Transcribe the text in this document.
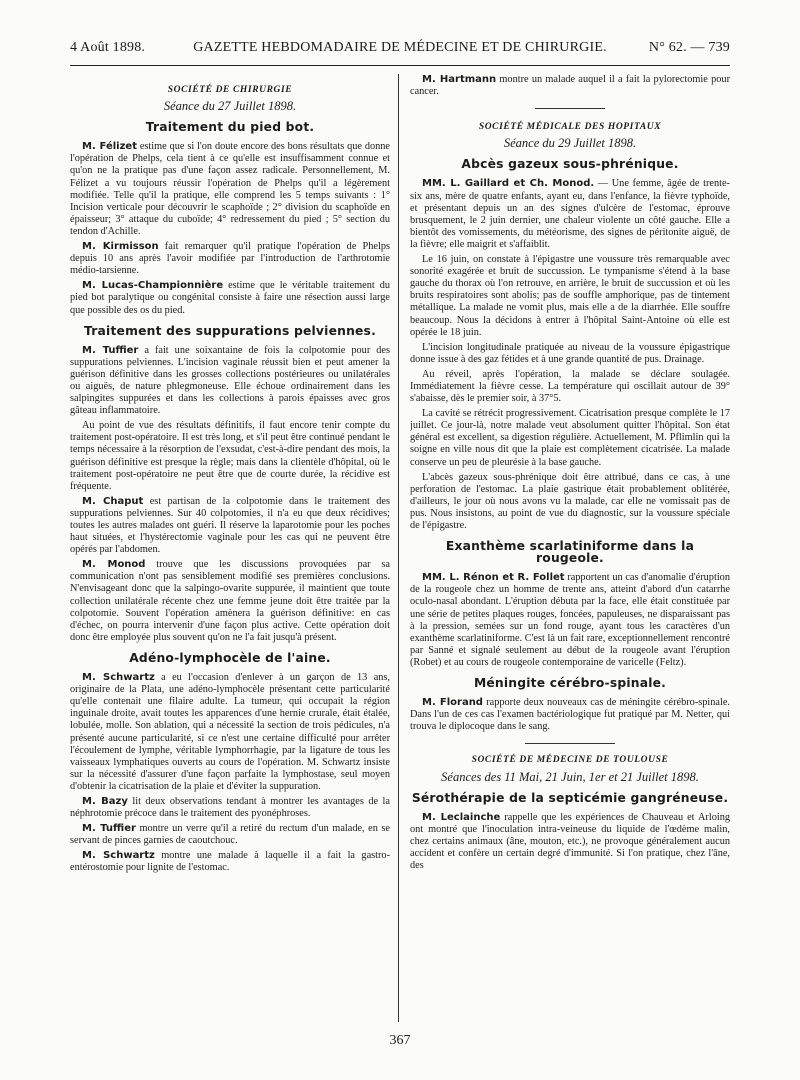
4 Août 1898.	GAZETTE HEBDOMADAIRE DE MÉDECINE ET DE CHIRURGIE.	N° 62. — 739
SOCIÉTÉ DE CHIRURGIE
Séance du 27 Juillet 1898.
Traitement du pied bot.

M. Félizet estime que si l'on doute encore des bons résultats que donne l'opération de Phelps, cela tient à ce qu'elle est insuffisamment connue et qu'on ne la pratique pas d'une façon assez radicale. Personnellement, M. Félizet a vu toujours réussir l'opération de Phelps qu'il a légèrement modifiée. Telle qu'il la pratique, elle comprend les 5 temps suivants : 1° Incision verticale pour découvrir le scaphoïde ; 2° division du scaphoïde en épaisseur; 3° attaque du cuboïde; 4° redressement du pied ; 5° section du tendon d'Achille.

M. Kirmisson fait remarquer qu'il pratique l'opération de Phelps depuis 10 ans après l'avoir modifiée par l'introduction de l'arthrotomie médio-tarsienne.

M. Lucas-Championnière estime que le véritable traitement du pied bot paralytique ou congénital consiste à faire une résection aussi large que possible des os du pied.

Traitement des suppurations pelviennes.

M. Tuffier a fait une soixantaine de fois la colpotomie pour des suppurations pelviennes. L'incision vaginale réussit bien et peut amener la guérison définitive dans les grosses collections postérieures ou unilatérales ou aiguës, de nature phlegmoneuse. Elle échoue ordinairement dans les salpingites suppurées et dans les collections à parois épaisses avec gros gâteau inflammatoire.

Au point de vue des résultats définitifs, il faut encore tenir compte du traitement post-opératoire. Il est très long, et s'il peut être continué pendant le temps nécessaire à la résorption de l'exsudat, c'est-à-dire pendant des mois, la guérison définitive est presque la règle; mais dans la clientèle d'hôpital, où le traitement post-opératoire ne peut être que de courte durée, la récidive est fréquente.

M. Chaput est partisan de la colpotomie dans le traitement des suppurations pelviennes. Sur 40 colpotomies, il n'a eu que deux récidives; toutes les autres malades ont guéri. Il réserve la laparotomie pour les poches haut situées, et l'hystérectomie vaginale pour les cas qui ne peuvent être opérés par l'abdomen.

M. Monod trouve que les discussions provoquées par sa communication n'ont pas sensiblement modifié ses premières conclusions. N'envisageant donc que la salpingo-ovarite suppurée, il maintient que toute collection unilatérale récente chez une femme jeune doit être traitée par la colpotomie. Souvent l'opération amènera la guérison définitive: en cas d'échec, on pourra intervenir d'une façon plus active. Cette opération doit donc être employée plus souvent qu'on ne l'a fait jusqu'à présent.

Adéno-lymphocèle de l'aine.

M. Schwartz a eu l'occasion d'enlever à un garçon de 13 ans, originaire de la Plata, une adéno-lymphocèle présentant cette particularité qu'elle contenait une filaire adulte. La tumeur, qui occupait la région inguinale droite, avait toutes les apparences d'une hernie crurale, était étalée, lobulée, molle. Son ablation, qui a nécessité la section de trois pédicules, n'a présenté aucune particularité, si ce n'est une certaine difficulté pour arrêter l'écoulement de lymphe, véritable lymphorrhagie, par la ligature de tous les vaisseaux lymphatiques ouverts au cours de l'opération. M. Schwartz insiste sur la nécessité d'assurer d'une façon parfaite la lymphostase, seul moyen d'obtenir la cicatrisation de la plaie et d'éviter la suppuration.

M. Bazy lit deux observations tendant à montrer les avantages de la néphrotomie précoce dans le traitement des pyonéphroses.

M. Tuffier montre un verre qu'il a retiré du rectum d'un malade, en se servant de pinces garnies de caoutchouc.

M. Schwartz montre une malade à laquelle il a fait la gastro-entérostomie pour lignite de l'estomac.

M. Hartmann montre un malade auquel il a fait la pylorectomie pour cancer.

SOCIÉTÉ MÉDICALE DES HOPITAUX
Séance du 29 Juillet 1898.
Abcès gazeux sous-phrénique.

MM. L. Gaillard et Ch. Monod. — Une femme, âgée de trente-six ans, mère de quatre enfants, ayant eu, dans l'enfance, la fièvre typhoïde, et présentant depuis un an des signes d'ulcère de l'estomac, éprouve brusquement, le 2 juin dernier, une chaleur violente un côté gauche. Elle a bientôt des vomissements, du météorisme, des signes de péritonite aiguë, de la fièvre; elle maigrit et s'affaiblit.

Le 16 juin, on constate à l'épigastre une voussure très remarquable avec sonorité exagérée et bruit de succussion. Le tympanisme s'étend à la base gauche du thorax où l'on retrouve, en arrière, le bruit de succussion et où les bruits respiratoires sont abolis; pas de souffle amphorique, pas de tintement métallique. La malade ne vomit plus, mais elle a de la diarrhée. Elle souffre beaucoup. Nous la décidons à entrer à l'hôpital Saint-Antoine où elle est opérée le 18 juin.

L'incision longitudinale pratiquée au niveau de la voussure épigastrique donne issue à des gaz fétides et à une grande quantité de pus. Drainage.

Au réveil, après l'opération, la malade se déclare soulagée. Immédiatement la fièvre cesse. La température qui oscillait autour de 39° s'abaisse, dès le premier soir, à 37°5.

La cavité se rétrécit progressivement. Cicatrisation presque complète le 17 juillet. Ce jour-là, notre malade veut absolument quitter l'hôpital. Son état général est excellent, sa digestion régulière. Actuellement, M. Pflimlin qui la soigne en ville nous dit que la plaie est complètement cicatrisée. La malade conserve un peu de pleurésie à la base gauche.

L'abcès gazeux sous-phrénique doit être attribué, dans ce cas, à une perforation de l'estomac. La plaie gastrique était probablement oblitérée, d'ailleurs, le jour où nous avons vu la malade, car elle ne vomissait pas de pus. Nous insistons, au point de vue du diagnostic, sur la voussure spéciale de l'épigastre.

Exanthème scarlatiniforme dans la rougeole.

MM. L. Rénon et R. Follet rapportent un cas d'anomalie d'éruption de la rougeole chez un homme de trente ans, atteint d'abord d'un catarrhe oculo-nasal abondant. L'éruption débuta par la face, elle était constituée par une série de petites plaques rouges, foncées, papuleuses, ne disparaissant pas à la pression, semées sur un fond rouge, ayant tous les caractères d'un exanthème scarlatiniforme. C'est là un fait rare, exceptionnellement rencontré par Sanné et signalé seulement au début de la rougeole avant l'éruption (Robet) et au cours de rougeole contemporaine de varicelle (Feltz).

Méningite cérébro-spinale.

M. Florand rapporte deux nouveaux cas de méningite cérébro-spinale. Dans l'un de ces cas l'examen bactériologique fut pratiqué par M. Netter, qui trouva le diplocoque dans le sang.

SOCIÉTÉ DE MÉDECINE DE TOULOUSE
Séances des 11 Mai, 21 Juin, 1er et 21 Juillet 1898.
Sérothérapie de la septicémie gangréneuse.

M. Leclainche rappelle que les expériences de Chauveau et Arloing ont montré que l'inoculation intra-veineuse du liquide de l'œdème malin, chez certains animaux (âne, mouton, etc.), ne provoque généralement aucun accident et confère un certain degré d'immunité. Si l'on pratique, chez l'âne, des

367
